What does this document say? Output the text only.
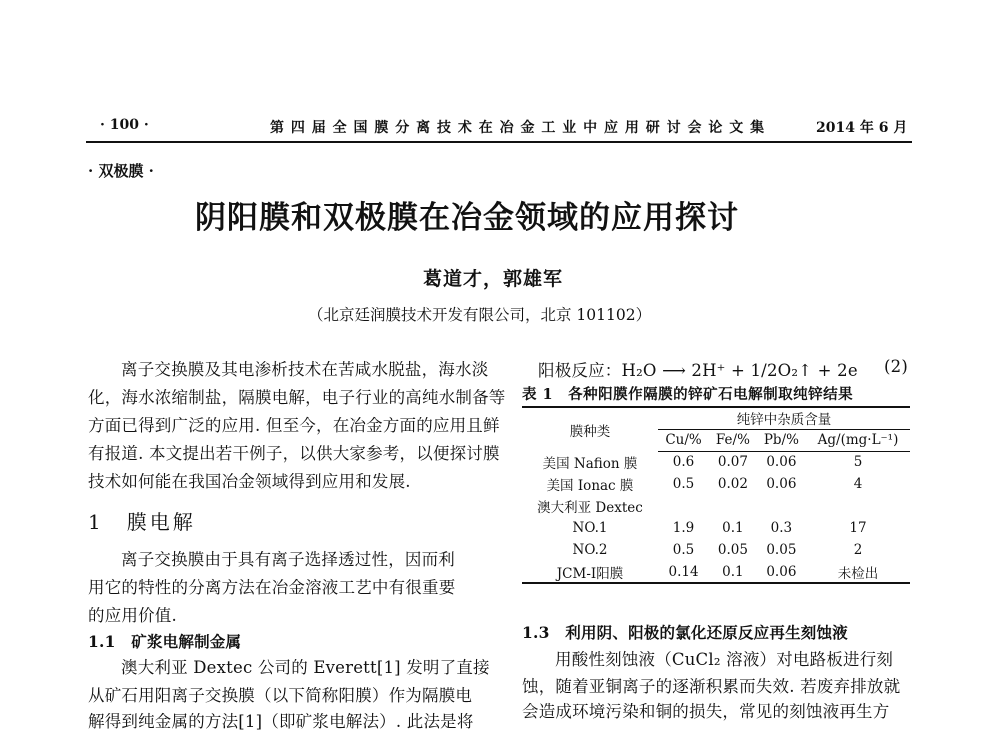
· 100 ·	第 四 届 全 国 膜 分 离 技 术 在 冶 金 工 业 中 应 用 研 讨 会 论 文 集	2014 年 6 月
· 双极膜 ·
阴阳膜和双极膜在冶金领域的应用探讨
葛道才，郭雄军
（北京廷润膜技术开发有限公司，北京 101102）
离子交换膜及其电渗析技术在苦咸水脱盐，海水淡
化，海水浓缩制盐，隔膜电解，电子行业的高纯水制备等
方面已得到广泛的应用. 但至今，在冶金方面的应用且鲜
有报道. 本文提出若干例子，以供大家参考，以便探讨膜
技术如何能在我国冶金领域得到应用和发展.
1　膜电解
离子交换膜由于具有离子选择透过性，因而利
用它的特性的分离方法在冶金溶液工艺中有很重要
的应用价值.
1.1　矿浆电解制金属
澳大利亚 Dextec 公司的 Everett[1] 发明了直接
从矿石用阳离子交换膜（以下简称阳膜）作为隔膜电
解得到纯金属的方法[1]（即矿浆电解法）. 此法是将
阳极反应：H₂O ⟶ 2H⁺ + 1/2O₂↑ + 2e (2)
表 1　各种阳膜作隔膜的锌矿石电解制取纯锌结果
膜种类	纯锌中杂质含量			
	Cu/%	Fe/%	Pb/%	Ag/(mg·L⁻¹)
美国 Nafion 膜	0.6	0.07	0.06	5
美国 Ionac 膜	0.5	0.02	0.06	4
澳大利亚 Dextec				
NO.1	1.9	0.1	0.3	17
NO.2	0.5	0.05	0.05	2
JCM-Ⅰ阳膜	0.14	0.1	0.06	未检出
1.3　利用阴、阳极的氯化还原反应再生刻蚀液
用酸性刻蚀液（CuCl₂ 溶液）对电路板进行刻
蚀，随着亚铜离子的逐渐积累而失效. 若废弃排放就
会造成环境污染和铜的损失，常见的刻蚀液再生方
